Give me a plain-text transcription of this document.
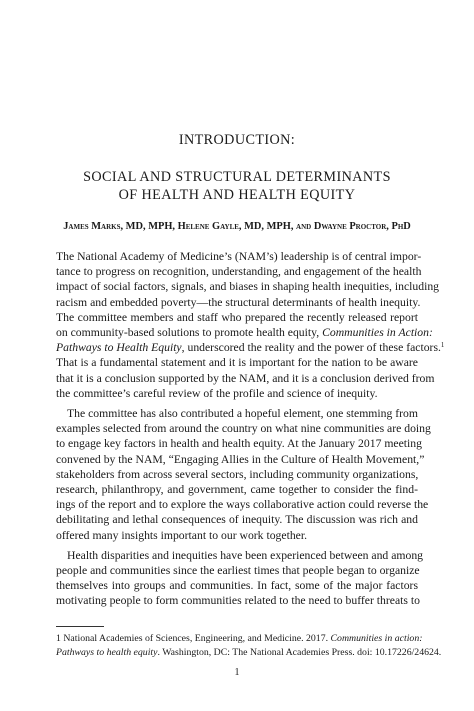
INTRODUCTION:
SOCIAL AND STRUCTURAL DETERMINANTS
OF HEALTH AND HEALTH EQUITY
James Marks, MD, MPH, Helene Gayle, MD, MPH, and Dwayne Proctor, PhD
The National Academy of Medicine’s (NAM’s) leadership is of central impor-
tance to progress on recognition, understanding, and engagement of the health
impact of social factors, signals, and biases in shaping health inequities, including
racism and embedded poverty—the structural determinants of health inequity.
The committee members and staff who prepared the recently released report
on community-based solutions to promote health equity, Communities in Action:
Pathways to Health Equity, underscored the reality and the power of these factors.$^1$
That is a fundamental statement and it is important for the nation to be aware
that it is a conclusion supported by the NAM, and it is a conclusion derived from
the committee’s careful review of the profile and science of inequity.
The committee has also contributed a hopeful element, one stemming from
examples selected from around the country on what nine communities are doing
to engage key factors in health and health equity. At the January 2017 meeting
convened by the NAM, “Engaging Allies in the Culture of Health Movement,”
stakeholders from across several sectors, including community organizations,
research, philanthropy, and government, came together to consider the find-
ings of the report and to explore the ways collaborative action could reverse the
debilitating and lethal consequences of inequity. The discussion was rich and
offered many insights important to our work together.
Health disparities and inequities have been experienced between and among
people and communities since the earliest times that people began to organize
themselves into groups and communities. In fact, some of the major factors
motivating people to form communities related to the need to buffer threats to
1 National Academies of Sciences, Engineering, and Medicine. 2017. Communities in action:
Pathways to health equity. Washington, DC: The National Academies Press. doi: 10.17226/24624.
1
